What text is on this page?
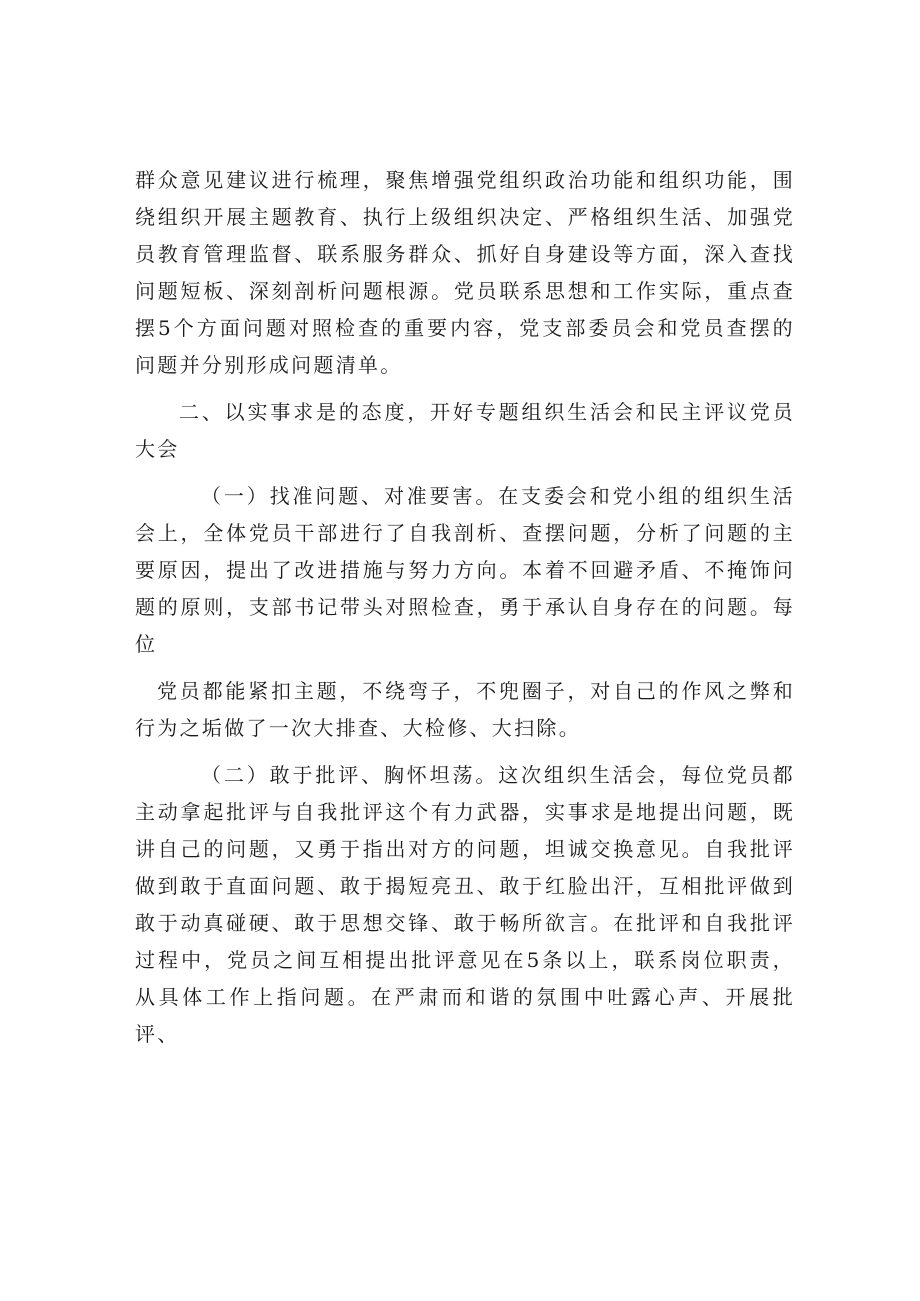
群众意见建议进行梳理，聚焦增强党组织政治功能和组织功能，围绕组织开展主题教育、执行上级组织决定、严格组织生活、加强党员教育管理监督、联系服务群众、抓好自身建设等方面，深入查找问题短板、深刻剖析问题根源。党员联系思想和工作实际，重点查摆5个方面问题对照检查的重要内容，党支部委员会和党员查摆的问题并分别形成问题清单。

二、以实事求是的态度，开好专题组织生活会和民主评议党员大会

（一）找准问题、对准要害。在支委会和党小组的组织生活会上，全体党员干部进行了自我剖析、查摆问题，分析了问题的主要原因，提出了改进措施与努力方向。本着不回避矛盾、不掩饰问题的原则，支部书记带头对照检查，勇于承认自身存在的问题。每位

党员都能紧扣主题，不绕弯子，不兜圈子，对自己的作风之弊和行为之垢做了一次大排查、大检修、大扫除。

（二）敢于批评、胸怀坦荡。这次组织生活会，每位党员都主动拿起批评与自我批评这个有力武器，实事求是地提出问题，既讲自己的问题，又勇于指出对方的问题，坦诚交换意见。自我批评做到敢于直面问题、敢于揭短亮丑、敢于红脸出汗，互相批评做到敢于动真碰硬、敢于思想交锋、敢于畅所欲言。在批评和自我批评过程中，党员之间互相提出批评意见在5条以上，联系岗位职责，从具体工作上指问题。在严肃而和谐的氛围中吐露心声、开展批评、
